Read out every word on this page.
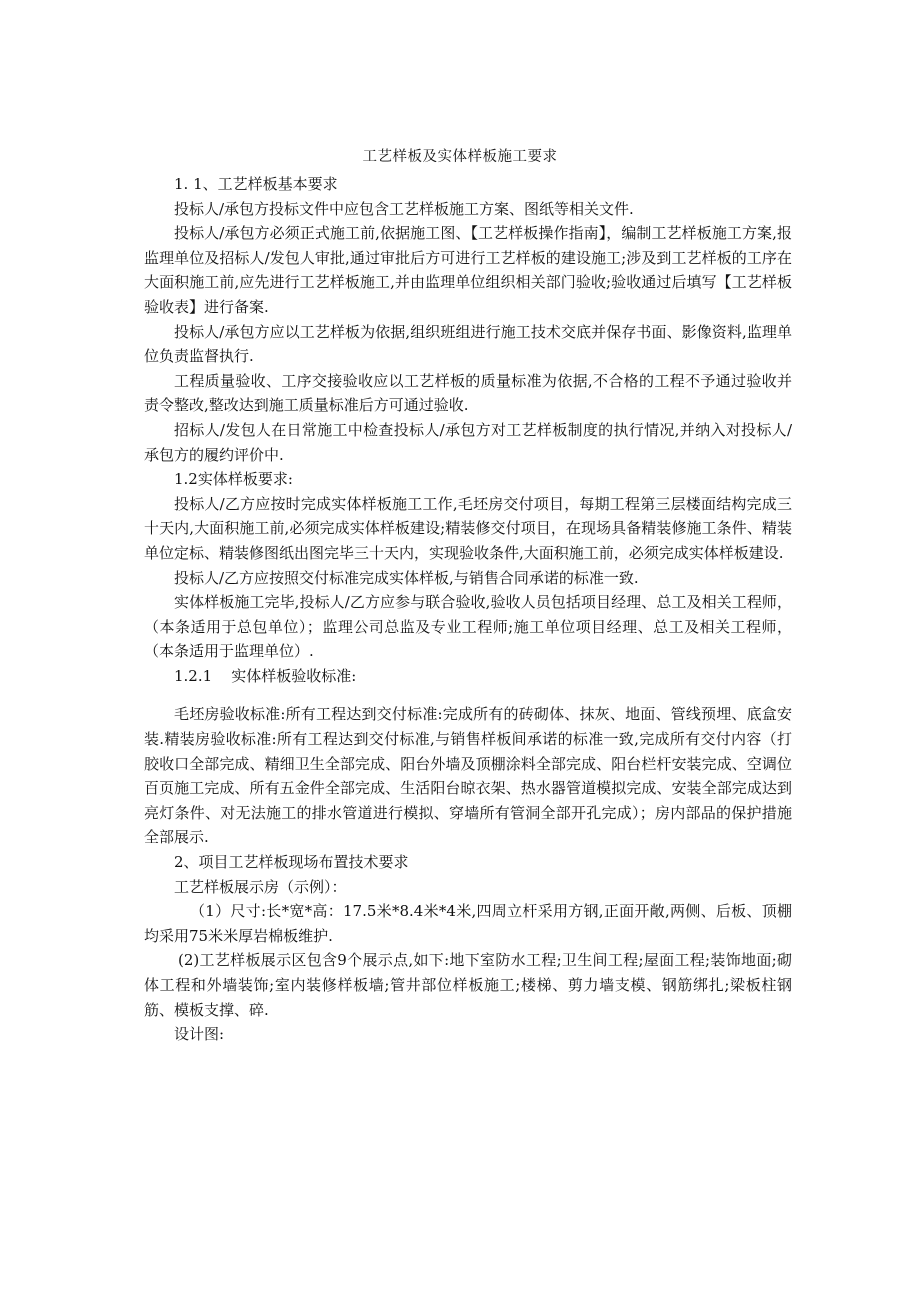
工艺样板及实体样板施工要求

1. 1、工艺样板基本要求

投标人/承包方投标文件中应包含工艺样板施工方案、图纸等相关文件.

投标人/承包方必须正式施工前,依据施工图、【工艺样板操作指南】，编制工艺样板施工方案,报监理单位及招标人/发包人审批,通过审批后方可进行工艺样板的建设施工;涉及到工艺样板的工序在大面积施工前,应先进行工艺样板施工,并由监理单位组织相关部门验收;验收通过后填写【工艺样板验收表】进行备案.

投标人/承包方应以工艺样板为依据,组织班组进行施工技术交底并保存书面、影像资料,监理单位负责监督执行.

工程质量验收、工序交接验收应以工艺样板的质量标准为依据,不合格的工程不予通过验收并责令整改,整改达到施工质量标准后方可通过验收.

招标人/发包人在日常施工中检查投标人/承包方对工艺样板制度的执行情况,并纳入对投标人/承包方的履约评价中.

1.2实体样板要求:

投标人/乙方应按时完成实体样板施工工作,毛坯房交付项目，每期工程第三层楼面结构完成三十天内,大面积施工前,必须完成实体样板建设;精装修交付项目，在现场具备精装修施工条件、精装单位定标、精装修图纸出图完毕三十天内，实现验收条件,大面积施工前，必须完成实体样板建设.

投标人/乙方应按照交付标准完成实体样板,与销售合同承诺的标准一致.

实体样板施工完毕,投标人/乙方应参与联合验收,验收人员包括项目经理、总工及相关工程师，（本条适用于总包单位）；监理公司总监及专业工程师;施工单位项目经理、总工及相关工程师，（本条适用于监理单位）.

1.2.1    实体样板验收标准:

毛坯房验收标准:所有工程达到交付标准:完成所有的砖砌体、抹灰、地面、管线预埋、底盒安装.精装房验收标准:所有工程达到交付标准,与销售样板间承诺的标准一致,完成所有交付内容（打胶收口全部完成、精细卫生全部完成、阳台外墙及顶棚涂料全部完成、阳台栏杆安装完成、空调位百页施工完成、所有五金件全部完成、生活阳台晾衣架、热水器管道模拟完成、安装全部完成达到亮灯条件、对无法施工的排水管道进行模拟、穿墙所有管洞全部开孔完成）；房内部品的保护措施全部展示.

2、项目工艺样板现场布置技术要求

工艺样板展示房（示例）：

（1）尺寸:长*宽*高：17.5米*8.4米*4米,四周立杆采用方钢,正面开敞,两侧、后板、顶棚均采用75米米厚岩棉板维护.

(2)工艺样板展示区包含9个展示点,如下:地下室防水工程;卫生间工程;屋面工程;装饰地面;砌体工程和外墙装饰;室内装修样板墙;管井部位样板施工;楼梯、剪力墙支模、钢筋绑扎;梁板柱钢筋、模板支撑、碎.

设计图:
